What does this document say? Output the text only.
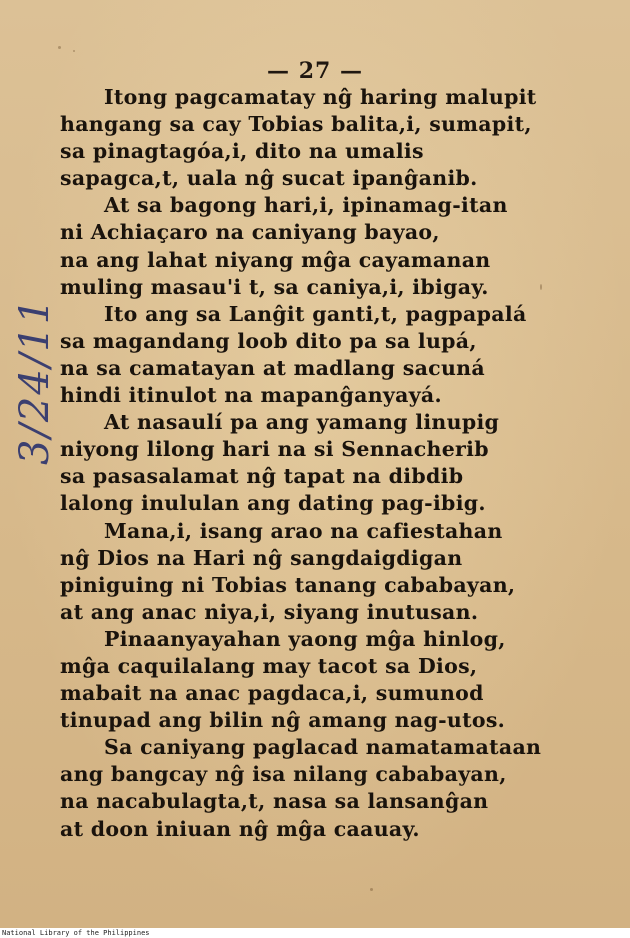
— 27 —
3/24/11
Itong pagcamatay nĝ haring malupit
hangang sa cay Tobias balita,i, sumapit,
sa pinagtagóa,i, dito na umalis
sapagca,t, uala nĝ sucat ipanĝanib.
At sa bagong hari,i, ipinamag-itan
ni Achiaçaro na caniyang bayao,
na ang lahat niyang mĝa cayamanan
muling masau'i t, sa caniya,i, ibigay.
Ito ang sa Lanĝit ganti,t, pagpapalá
sa magandang loob dito pa sa lupá,
na sa camatayan at madlang sacuná
hindi itinulot na mapanĝanyayá.
At nasaulí pa ang yamang linupig
niyong lilong hari na si Sennacherib
sa pasasalamat nĝ tapat na dibdib
lalong inululan ang dating pag-ibig.
Mana,i, isang arao na cafiestahan
nĝ Dios na Hari nĝ sangdaigdigan
piniguing ni Tobias tanang cababayan,
at ang anac niya,i, siyang inutusan.
Pinaanyayahan yaong mĝa hinlog,
mĝa caquilalang may tacot sa Dios,
mabait na anac pagdaca,i, sumunod
tinupad ang bilin nĝ amang nag-utos.
Sa caniyang paglacad namatamataan
ang bangcay nĝ isa nilang cababayan,
na nacabulagta,t, nasa sa lansanĝan
at doon iniuan nĝ mĝa caauay.
National Library of the Philippines
